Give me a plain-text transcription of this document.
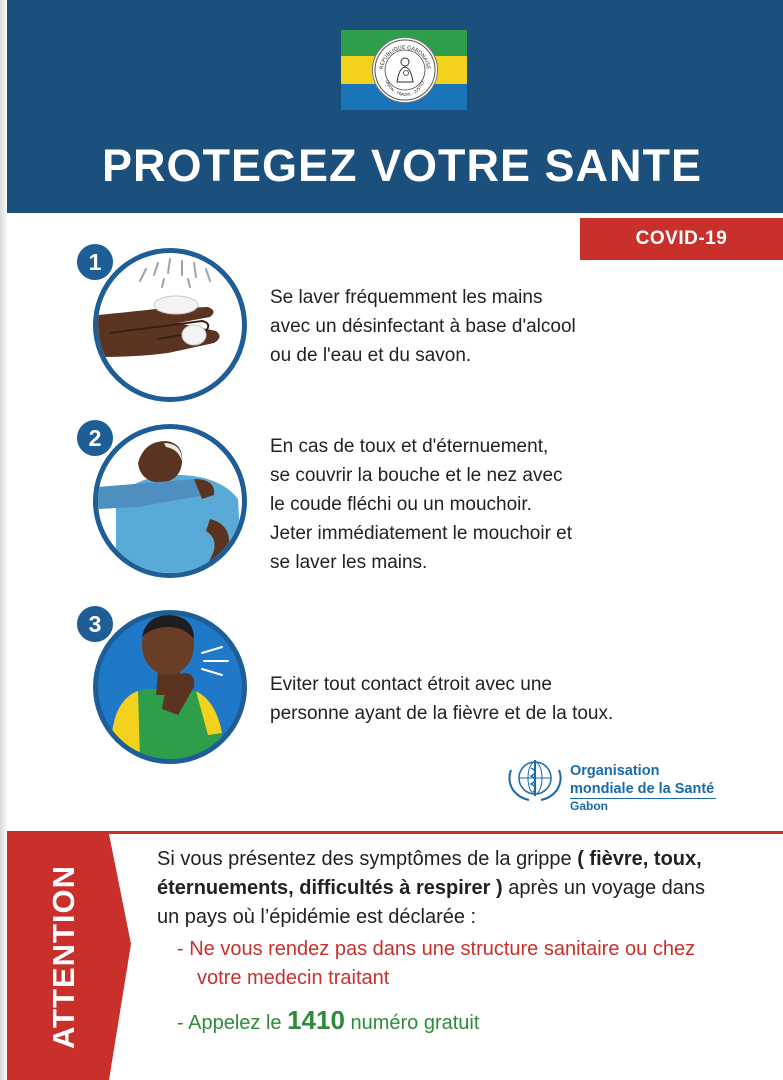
REPUBLIQUE GABONAISE
UNION - TRAVAIL - JUSTICE
PROTEGEZ VOTRE SANTE
COVID-19
1
Se laver fréquemment les mains
avec un désinfectant à base d'alcool
ou de l'eau et du savon.
2	En cas de toux et d'éternuement,
se couvrir la bouche et le nez avec
le coude fléchi ou un mouchoir.
Jeter immédiatement le mouchoir et
se laver les mains.
3
Eviter tout contact étroit avec une
personne ayant de la fièvre et de la toux.
Organisation
mondiale de la Santé
Gabon
ATTENTION
Si vous présentez des symptômes de la grippe ( fièvre, toux,
éternuements, difficultés à respirer ) après un voyage dans
un pays où l’épidémie est déclarée :
- Ne vous rendez pas dans une structure sanitaire ou chez
votre medecin traitant
- Appelez le 1410 numéro gratuit
